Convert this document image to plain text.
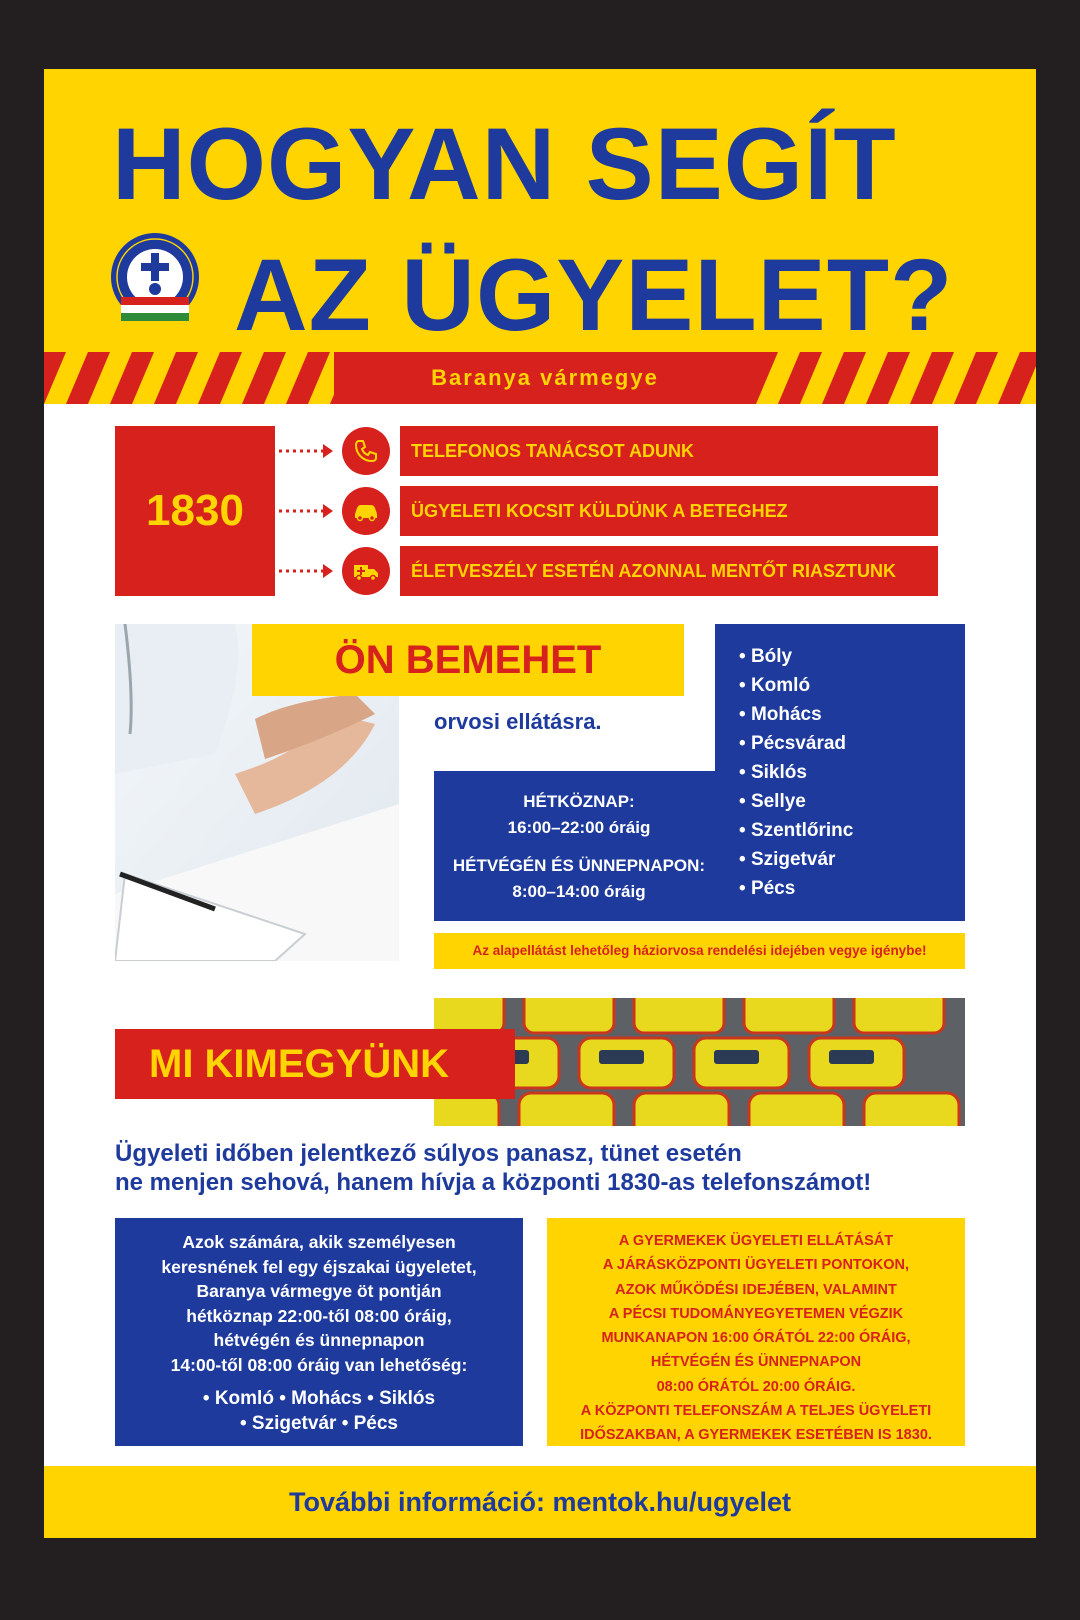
HOGYAN SEGÍT
AZ ÜGYELET?
Baranya vármegye
1830
TELEFONOS TANÁCSOT ADUNK
ÜGYELETI KOCSIT KÜLDÜNK A BETEGHEZ
ÉLETVESZÉLY ESETÉN AZONNAL MENTŐT RIASZTUNK
ÖN BEMEHET
orvosi ellátásra.
HÉTKÖZNAP:
16:00–22:00 óráig
HÉTVÉGÉN ÉS ÜNNEPNAPON:
8:00–14:00 óráig
• Bóly
• Komló
• Mohács
• Pécsvárad
• Siklós
• Sellye
• Szentlőrinc
• Szigetvár
• Pécs
Az alapellátást lehetőleg háziorvosa rendelési idejében vegye igénybe!
MI KIMEGYÜNK
Ügyeleti időben jelentkező súlyos panasz, tünet esetén
ne menjen sehová, hanem hívja a központi 1830-as telefonszámot!
Azok számára, akik személyesen
keresnének fel egy éjszakai ügyeletet,
Baranya vármegye öt pontján
hétköznap 22:00-től 08:00 óráig,
hétvégén és ünnepnapon
14:00-től 08:00 óráig van lehetőség:
• Komló • Mohács • Siklós
• Szigetvár • Pécs
A GYERMEKEK ÜGYELETI ELLÁTÁSÁT
A JÁRÁSKÖZPONTI ÜGYELETI PONTOKON,
AZOK MŰKÖDÉSI IDEJÉBEN, VALAMINT
A PÉCSI TUDOMÁNYEGYETEMEN VÉGZIK
MUNKANAPON 16:00 ÓRÁTÓL 22:00 ÓRÁIG,
HÉTVÉGÉN ÉS ÜNNEPNAPON
08:00 ÓRÁTÓL 20:00 ÓRÁIG.
A KÖZPONTI TELEFONSZÁM A TELJES ÜGYELETI
IDŐSZAKBAN, A GYERMEKEK ESETÉBEN IS 1830.
További információ: mentok.hu/ugyelet
